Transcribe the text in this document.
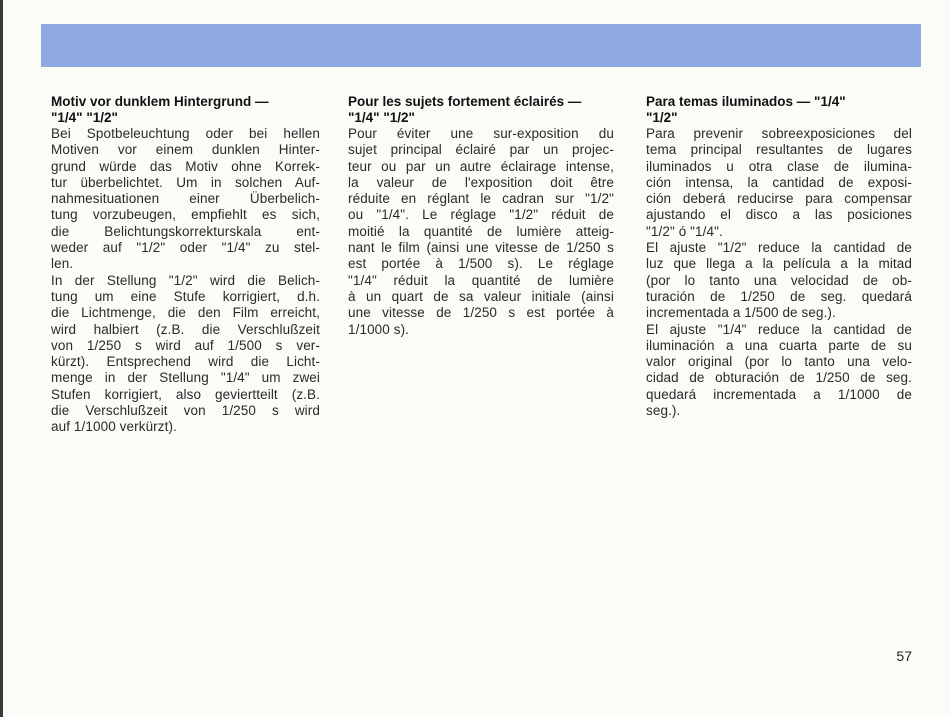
Motiv vor dunklem Hintergrund —
"1/4" "1/2"

Bei Spotbeleuchtung oder bei hellen
Motiven vor einem dunklen Hinter-
grund würde das Motiv ohne Korrek-
tur überbelichtet. Um in solchen Auf-
nahmesituationen einer Überbelich-
tung vorzubeugen, empfiehlt es sich,
die Belichtungskorrekturskala ent-
weder auf "1/2" oder "1/4" zu stel-
len.
In der Stellung "1/2" wird die Belich-
tung um eine Stufe korrigiert, d.h.
die Lichtmenge, die den Film erreicht,
wird halbiert (z.B. die Verschlußzeit
von 1/250 s wird auf 1/500 s ver-
kürzt). Entsprechend wird die Licht-
menge in der Stellung "1/4" um zwei
Stufen korrigiert, also geviertteilt (z.B.
die Verschlußzeit von 1/250 s wird
auf 1/1000 verkürzt).

Pour les sujets fortement éclairés —
"1/4" "1/2"

Pour éviter une sur-exposition du
sujet principal éclairé par un projec-
teur ou par un autre éclairage intense,
la valeur de l'exposition doit être
réduite en réglant le cadran sur "1/2"
ou "1/4". Le réglage "1/2" réduit de
moitié la quantité de lumière atteig-
nant le film (ainsi une vitesse de 1/250 s
est portée à 1/500 s). Le réglage
"1/4" réduit la quantité de lumière
à un quart de sa valeur initiale (ainsi
une vitesse de 1/250 s est portée à
1/1000 s).

Para temas iluminados — "1/4"
"1/2"

Para prevenir sobreexposiciones del
tema principal resultantes de lugares
iluminados u otra clase de ilumina-
ción intensa, la cantidad de exposi-
ción deberá reducirse para compensar
ajustando el disco a las posiciones
"1/2" ó "1/4".
El ajuste "1/2" reduce la cantidad de
luz que llega a la película a la mitad
(por lo tanto una velocidad de ob-
turación de 1/250 de seg. quedará
incrementada a 1/500 de seg.).
El ajuste "1/4" reduce la cantidad de
iluminación a una cuarta parte de su
valor original (por lo tanto una velo-
cidad de obturación de 1/250 de seg.
quedará incrementada a 1/1000 de
seg.).

57
